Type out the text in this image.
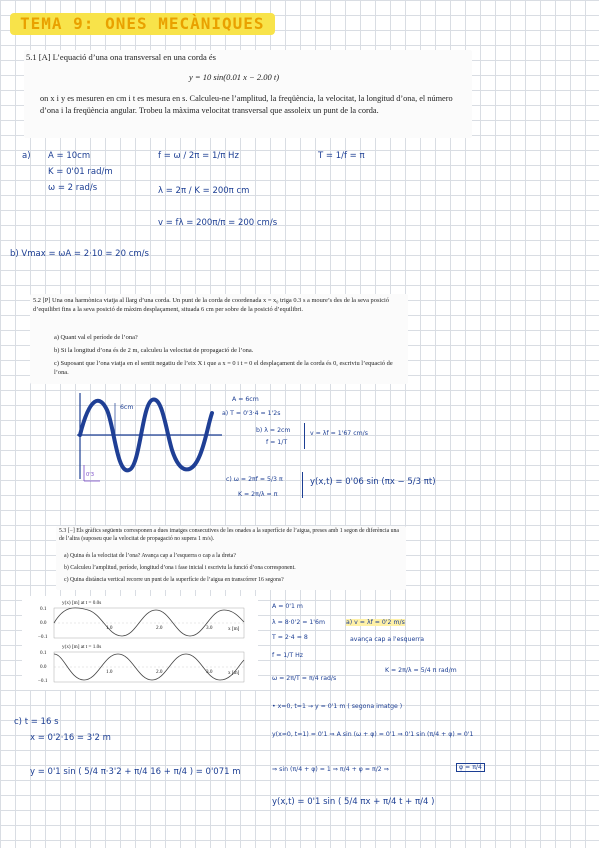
TEMA 9: ONES MECÀNIQUES
5.1 [A] L’equació d’una ona transversal en una corda és
y = 10 sin(0.01 x − 2.00 t)
on x i y es mesuren en cm i t es mesura en s. Calculeu-ne l’amplitud, la freqüència, la velocitat, la longitud d’ona, el número d’ona i la freqüència angular. Trobeu la màxima velocitat transversal que assoleix un punt de la corda.
a) A = 10cm
K = 0'01 rad/m
ω = 2 rad/s
f = ω / 2π = 1/π Hz	T = 1/f = π
λ = 2π / K = 200π cm
v = fλ = 200π/π = 200 cm/s
b) Vmax = ωA = 2·10 = 20 cm/s
5.2 [P] Una ona harmònica viatja al llarg d’una corda. Un punt de la corda de coordenada x = x₀ triga 0.3 s a moure’s des de la seva posició d’equilibri fins a la seva posició de màxim desplaçament, situada 6 cm per sobre de la posició d’equilibri.
a) Quant val el període de l’ona?
b) Si la longitud d’ona és de 2 m, calculeu la velocitat de propagació de l’ona.
c) Suposant que l’ona viatja en el sentit negatiu de l’eix X i que a x = 0 i t = 0 el desplaçament de la corda és 0, escriviu l’equació de l’ona.
6cm
0'3
A = 6cm
a) T = 0'3·4 = 1'2s
b) λ = 2cm
f = 1/T
v = λf = 1'67 cm/s
c) ω = 2πf = 5/3 π
K = 2π/λ = π
y(x,t) = 0'06 sin (πx − 5/3 πt)
5.3 [−] Els gràfics següents corresponen a dues imatges consecutives de les onades a la superfície de l’aigua, preses amb 1 segon de diferència una de l’altra (suposeu que la velocitat de propagació no supera 1 m/s).
a) Quina és la velocitat de l’ona? Avança cap a l’esquerra o cap a la dreta?
b) Calculeu l’amplitud, període, longitud d’ona i fase inicial i escriviu la funció d’ona corresponent.
c) Quina distància vertical recorre un punt de la superfície de l’aigua en transcórrer 16 segons?
y(x) [m] at t = 0.0s
y(x) [m] at t = 1.0s
x [m]
x [m]
0.1
0.0
−0.1
0.1
0.0
−0.1
1.0	2.0	3.0
1.0	2.0	3.0
A = 0'1 m
λ = 8·0'2 = 1'6m	a) v = λf = 0'2 m/s
avança cap a l'esquerra
T = 2·4 = 8
f = 1/T Hz
ω = 2π/T = π/4 rad/s
K = 2π/λ = 5/4 π rad/m
• x=0, t=1 → y = 0'1 m ( segona imatge )
c) t = 16 s
x = 0'2·16 = 3'2 m
y = 0'1 sin ( 5/4 π·3'2 + π/4 16 + π/4 ) = 0'071 m
y(x=0, t=1) = 0'1 ⇒ A sin (ω + φ) = 0'1 ⇒ 0'1 sin (π/4 + φ) = 0'1
⇒ sin (π/4 + φ) = 1 ⇒ π/4 + φ = π/2 ⇒	φ = π/4
y(x,t) = 0'1 sin ( 5/4 πx + π/4 t + π/4 )
